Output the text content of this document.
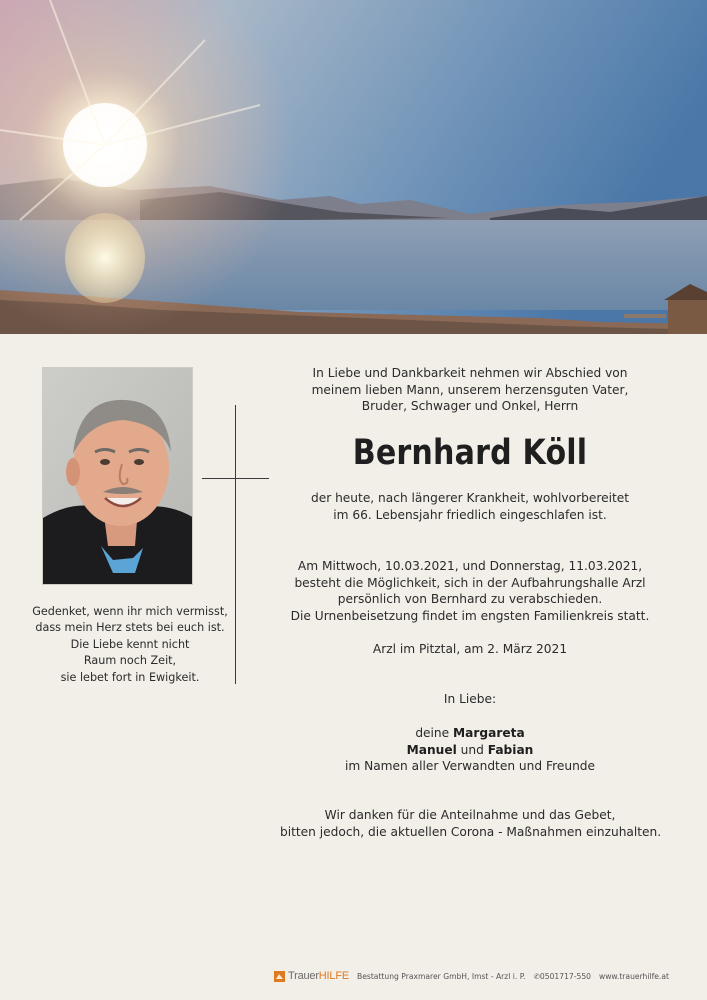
Gedenket, wenn ihr mich vermisst,
dass mein Herz stets bei euch ist.
Die Liebe kennt nicht
Raum noch Zeit,
sie lebet fort in Ewigkeit.
In Liebe und Dankbarkeit nehmen wir Abschied von
meinem lieben Mann, unserem herzensguten Vater,
Bruder, Schwager und Onkel, Herrn
Bernhard Köll
der heute, nach längerer Krankheit, wohlvorbereitet
im 66. Lebensjahr friedlich eingeschlafen ist.
Am Mittwoch, 10.03.2021, und Donnerstag, 11.03.2021,
besteht die Möglichkeit, sich in der Aufbahrungshalle Arzl
persönlich von Bernhard zu verabschieden.
Die Urnenbeisetzung findet im engsten Familienkreis statt.
Arzl im Pitztal, am 2. März 2021
In Liebe:
deine Margareta
Manuel und Fabian
im Namen aller Verwandten und Freunde
Wir danken für die Anteilnahme und das Gebet,
bitten jedoch, die aktuellen Corona - Maßnahmen einzuhalten.
Trauer HILFE Bestattung Praxmarer GmbH, Imst - Arzl i. P. ✆0501717-550 www.trauerhilfe.at
